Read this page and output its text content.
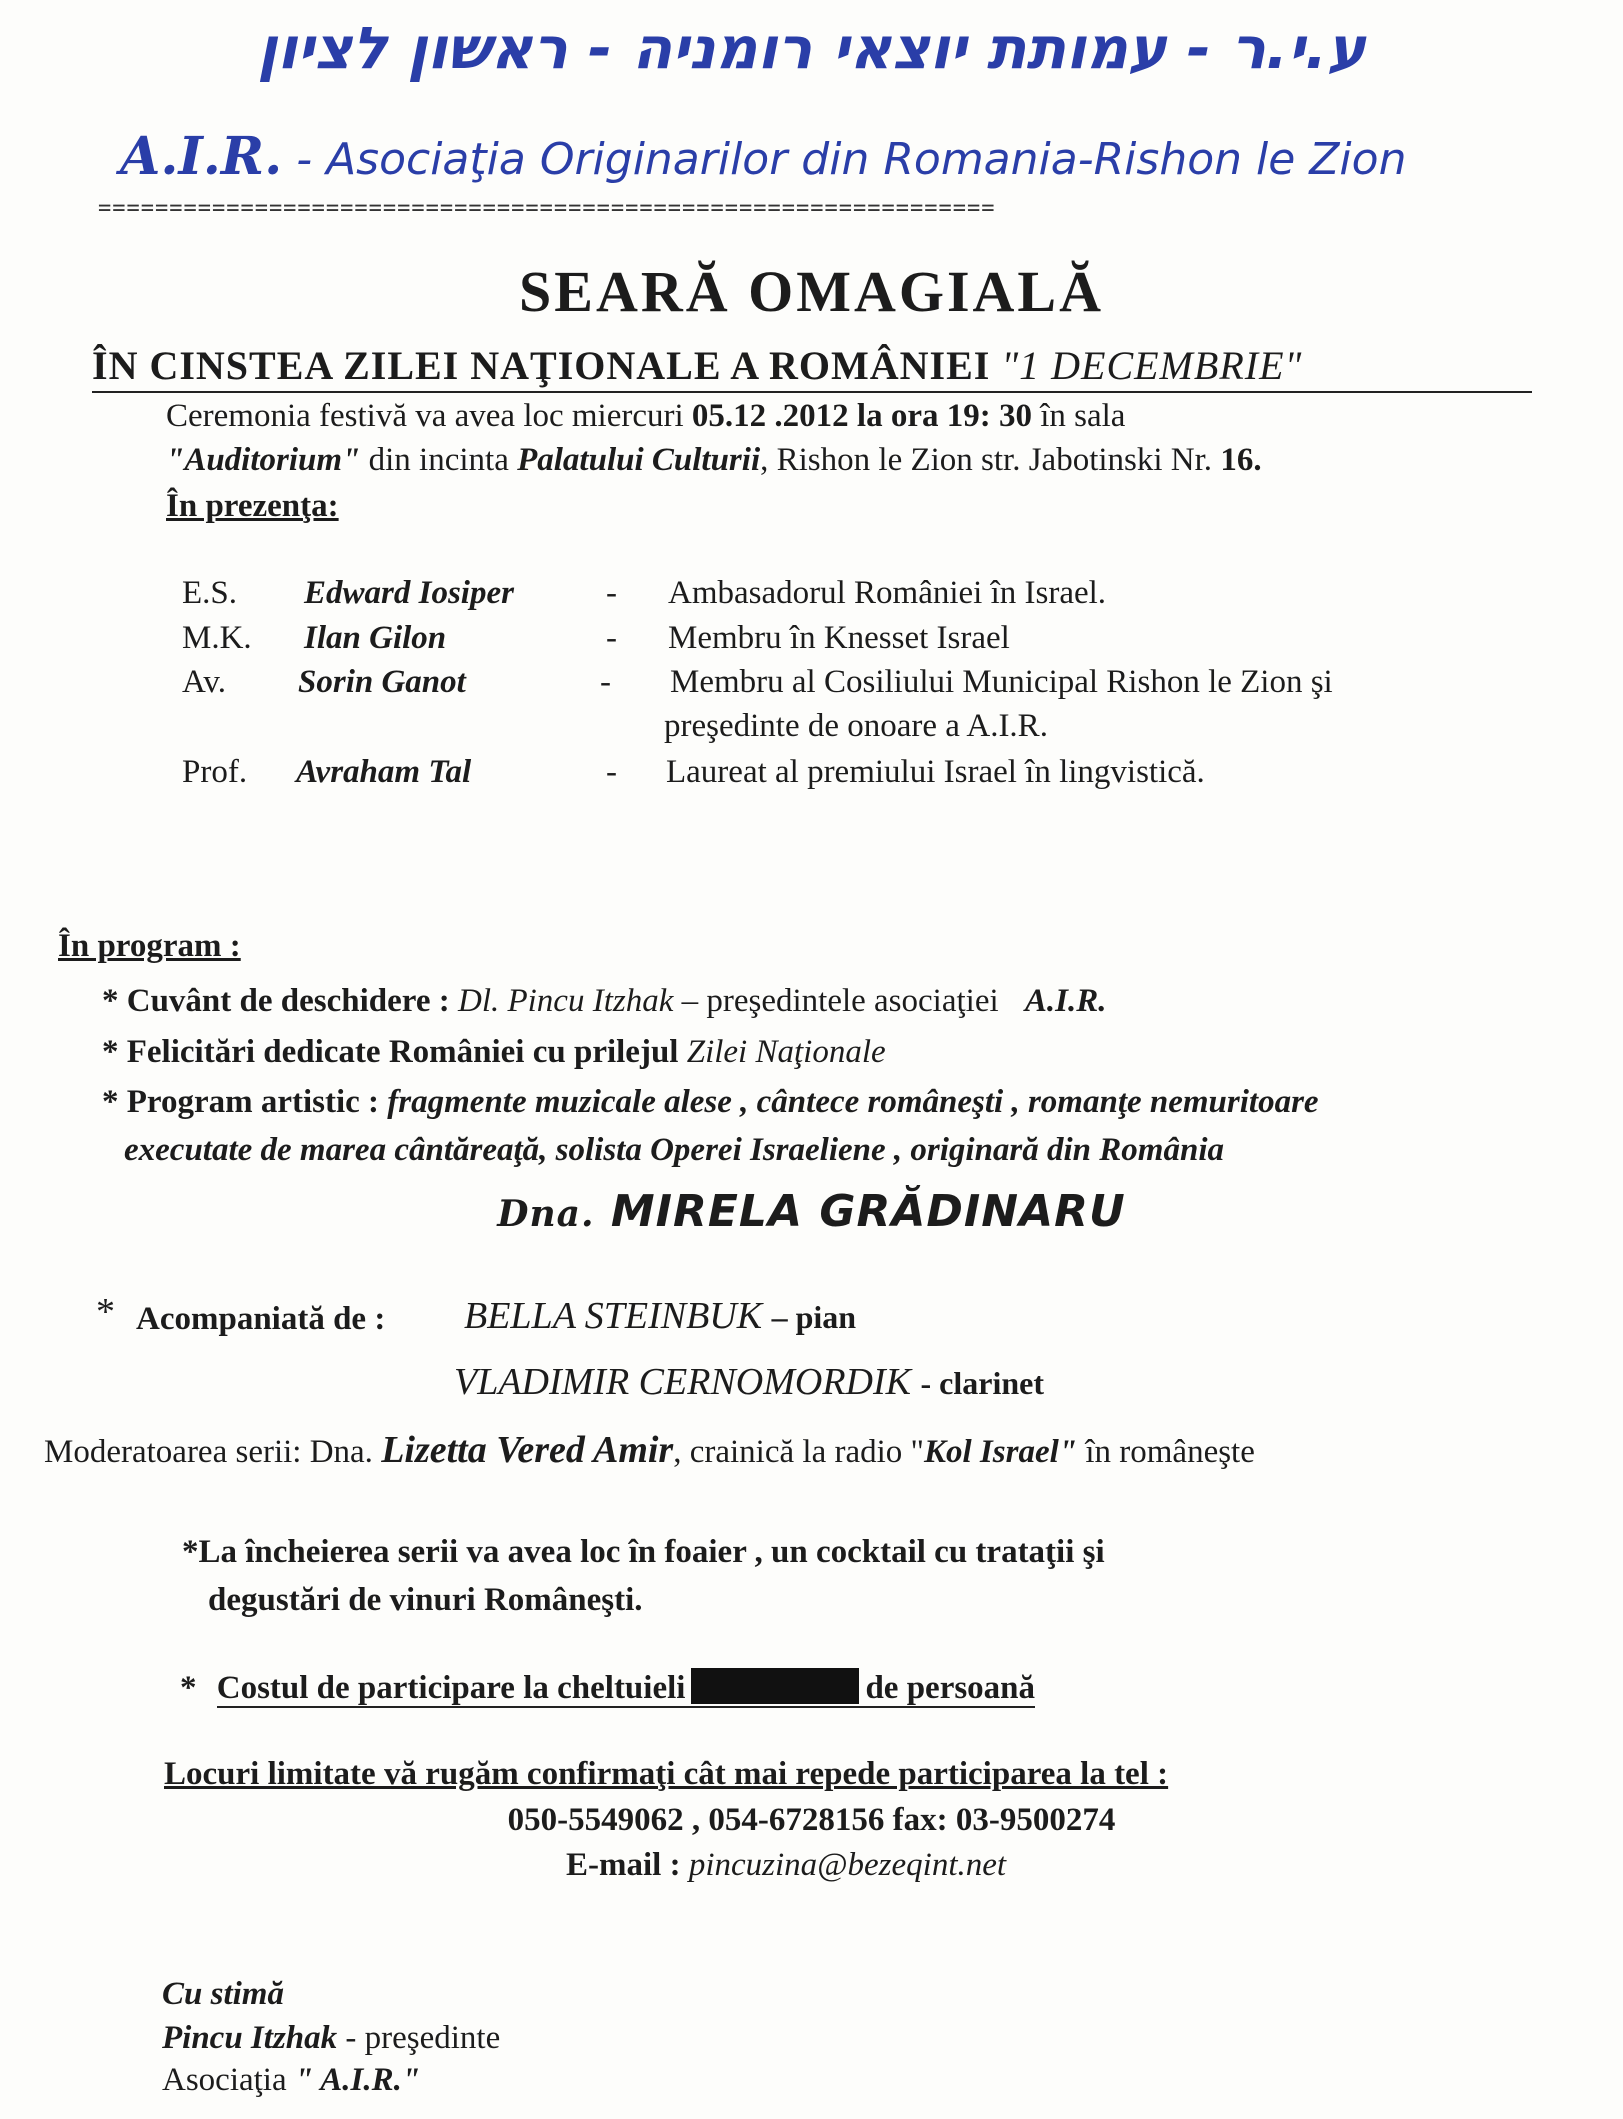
ע.י.ר - עמותת יוצאי רומניה - ראשון לציון
A.I.R. - Asociaţia Originarilor din Romania-Rishon le Zion
===============================================================
SEARĂ OMAGIALĂ
ÎN CINSTEA ZILEI NAŢIONALE A ROMÂNIEI "1 DECEMBRIE"
Ceremonia festivă va avea loc miercuri 05.12 .2012 la ora 19: 30 în sala
"Auditorium" din incinta Palatului Culturii, Rishon le Zion str. Jabotinski Nr. 16.
În prezenţa:
E.S. Edward Iosiper	- Ambasadorul României în Israel.
M.K. Ilan Gilon	- Membru în Knesset Israel
Av. Sorin Ganot	- Membru al Cosiliului Municipal Rishon le Zion şi
preşedinte de onoare a A.I.R.
Prof. Avraham Tal	- Laureat al premiului Israel în lingvistică.
În program :
* Cuvânt de deschidere : Dl. Pincu Itzhak – preşedintele asociaţiei A.I.R.
* Felicitări dedicate României cu prilejul Zilei Naţionale
* Program artistic : fragmente muzicale alese , cântece româneşti , romanţe nemuritoare
executate de marea cântăreaţă, solista Operei Israeliene , originară din România
Dna. MIRELA GRĂDINARU
* Acompaniată de : BELLA STEINBUK – pian
VLADIMIR CERNOMORDIK - clarinet
Moderatoarea serii: Dna. Lizetta Vered Amir, crainică la radio "Kol Israel" în româneşte
*La încheierea serii va avea loc în foaier , un cocktail cu trataţii şi
degustări de vinuri Româneşti.
* Costul de participare la cheltuieli	de persoană
Locuri limitate vă rugăm confirmaţi cât mai repede participarea la tel :
050-5549062 , 054-6728156 fax: 03-9500274
E-mail : pincuzina@bezeqint.net
Cu stimă
Pincu Itzhak - preşedinte
Asociaţia " A.I.R."
